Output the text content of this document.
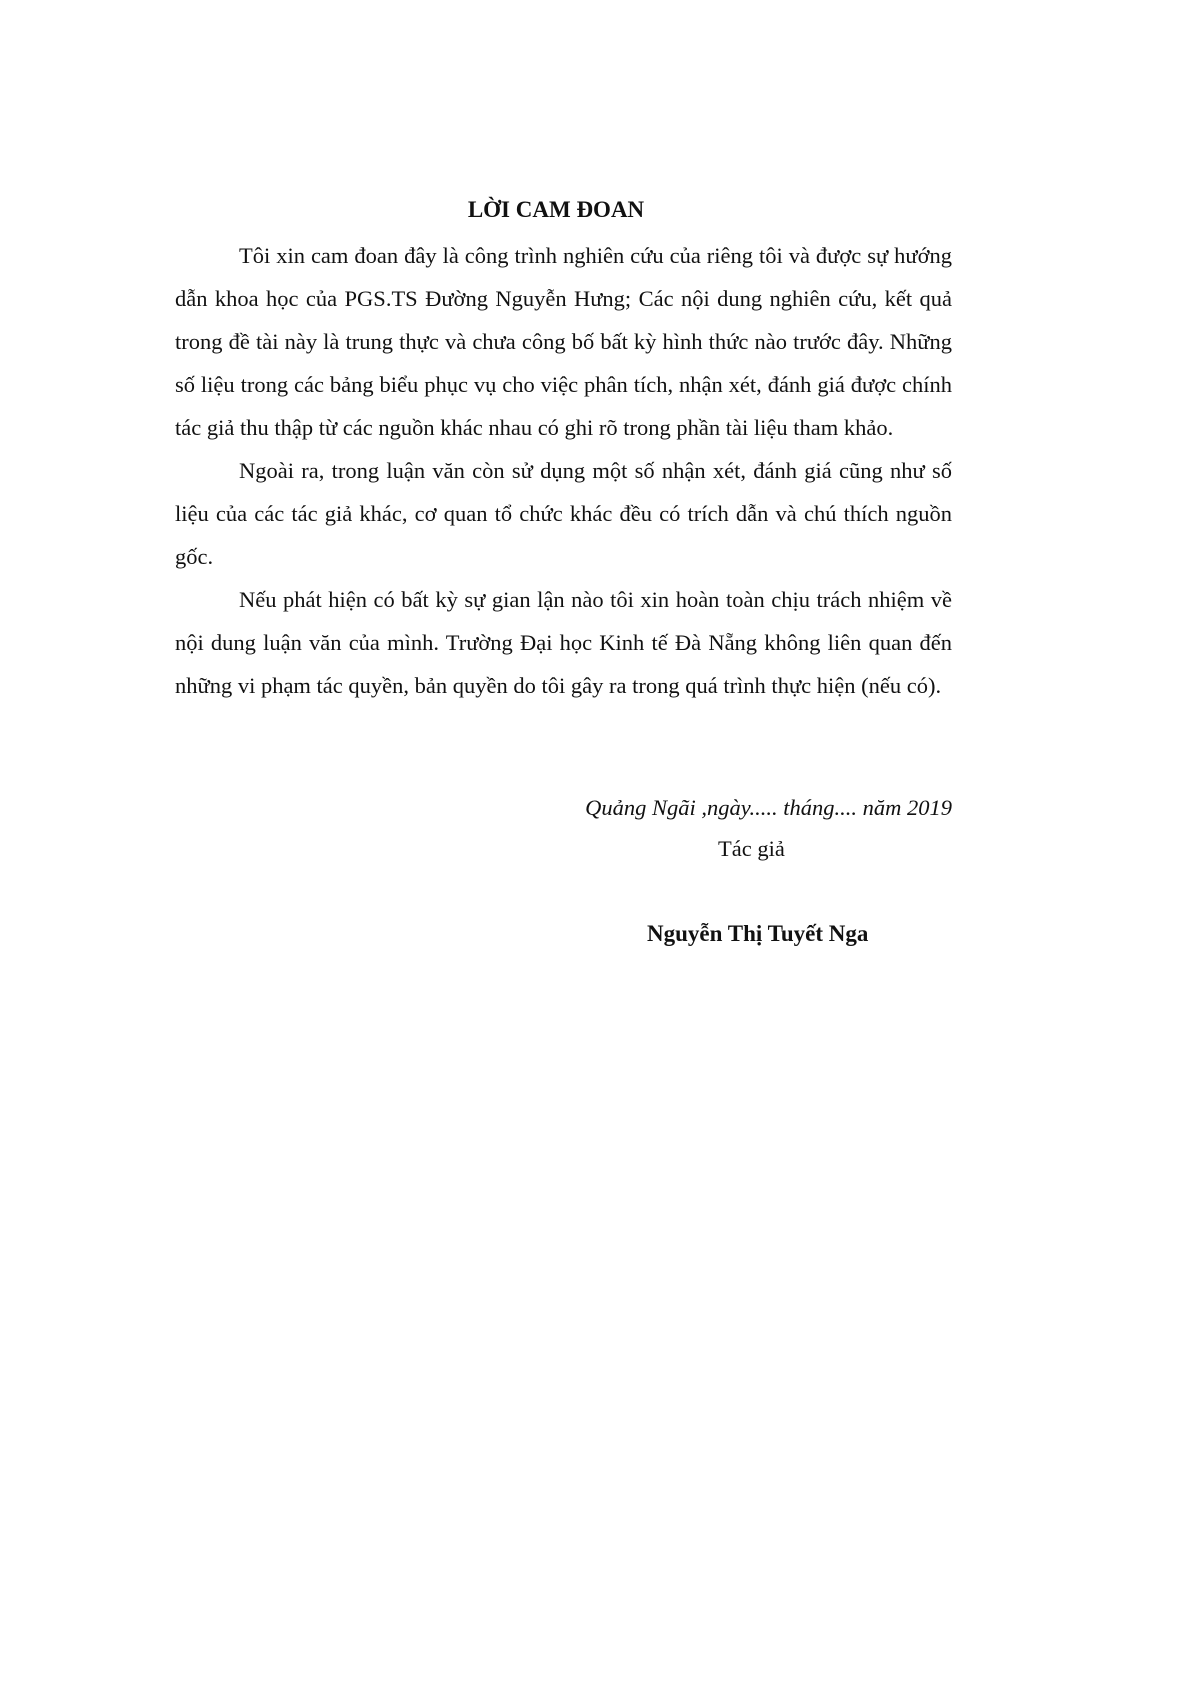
LỜI CAM ĐOAN

Tôi xin cam đoan đây là công trình nghiên cứu của riêng tôi và được sự hướng dẫn khoa học của PGS.TS Đường Nguyễn Hưng; Các nội dung nghiên cứu, kết quả trong đề tài này là trung thực và chưa công bố bất kỳ hình thức nào trước đây. Những số liệu trong các bảng biểu phục vụ cho việc phân tích, nhận xét, đánh giá được chính tác giả thu thập từ các nguồn khác nhau có ghi rõ trong phần tài liệu tham khảo.

Ngoài ra, trong luận văn còn sử dụng một số nhận xét, đánh giá cũng như số liệu của các tác giả khác, cơ quan tổ chức khác đều có trích dẫn và chú thích nguồn gốc.

Nếu phát hiện có bất kỳ sự gian lận nào tôi xin hoàn toàn chịu trách nhiệm về nội dung luận văn của mình. Trường Đại học Kinh tế Đà Nẵng không liên quan đến những vi phạm tác quyền, bản quyền do tôi gây ra trong quá trình thực hiện (nếu có).

Quảng Ngãi ,ngày..... tháng.... năm 2019
Tác giả
Nguyễn Thị Tuyết Nga
